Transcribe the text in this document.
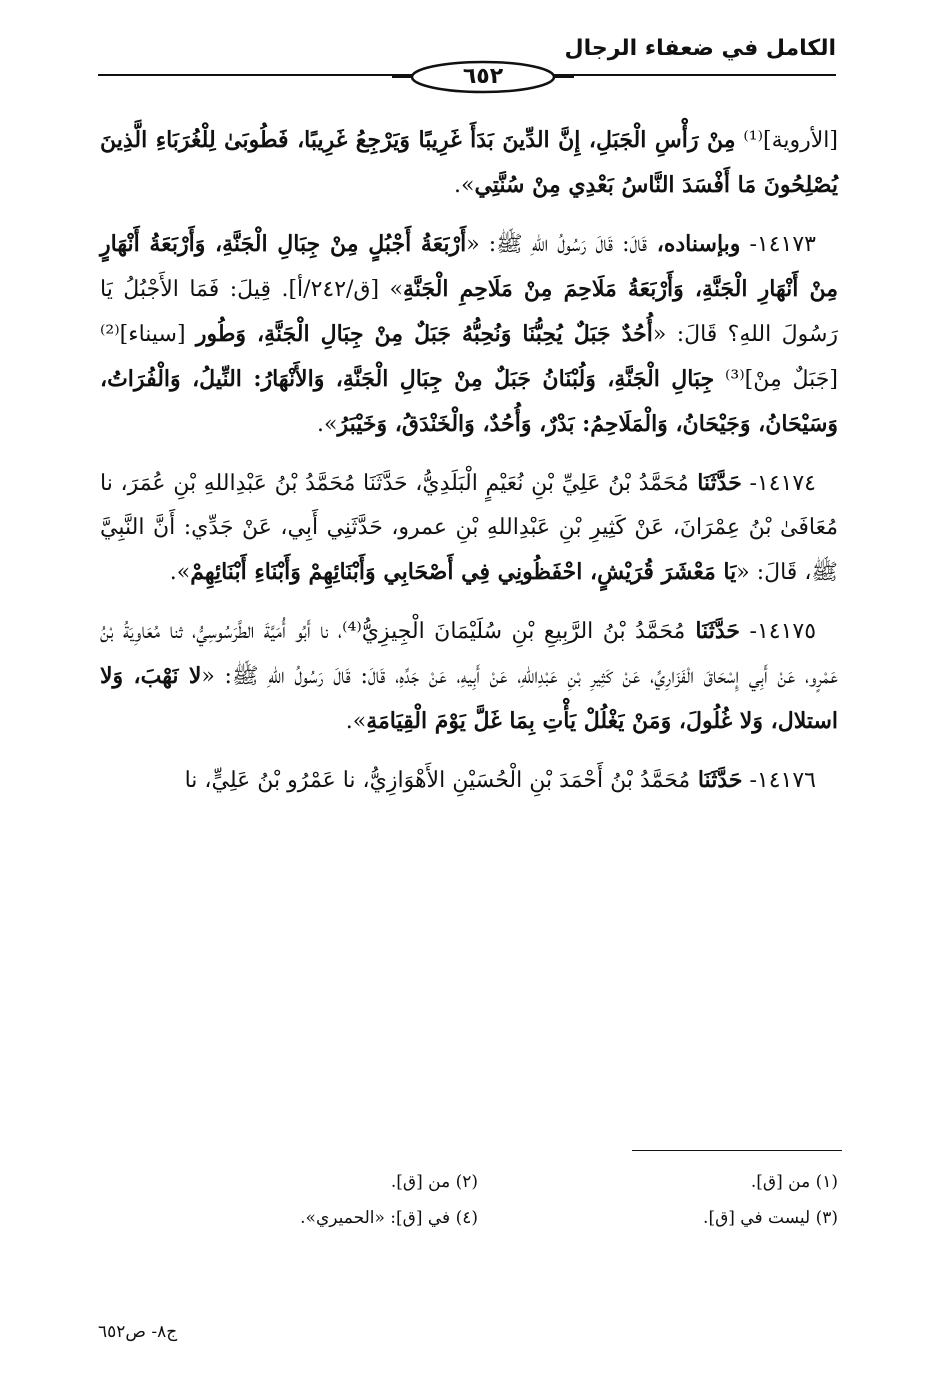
الكامل في ضعفاء الرجال
٦٥٢

[الأروية]⁽¹⁾ مِنْ رَأْسِ الْجَبَلِ، إِنَّ الدِّينَ بَدَأَ غَرِيبًا وَيَرْجِعُ غَرِيبًا، فَطُوبَىٰ لِلْغُرَبَاءِ الَّذِينَ يُصْلِحُونَ مَا أَفْسَدَ النَّاسُ بَعْدِي مِنْ سُنَّتِي».

١٤١٧٣- وبإسناده، قَالَ: قَالَ رَسُولُ اللهِ ﷺ: «أَرْبَعَةُ أَجْبُلٍ مِنْ جِبَالِ الْجَنَّةِ، وَأَرْبَعَةُ أَنْهَارٍ مِنْ أَنْهَارِ الْجَنَّةِ، وَأَرْبَعَةُ مَلَاحِمَ مِنْ مَلَاحِمِ الْجَنَّةِ» [ق/٢٤٢/أ]. قِيلَ: فَمَا الأَجْبُلُ يَا رَسُولَ اللهِ؟ قَالَ: «أُحُدٌ جَبَلٌ يُحِبُّنَا وَنُحِبُّهُ جَبَلٌ مِنْ جِبَالِ الْجَنَّةِ، وَطُور [سيناء]⁽²⁾ [جَبَلٌ مِنْ]⁽³⁾ جِبَالِ الْجَنَّةِ، وَلُبْنَانُ جَبَلٌ مِنْ جِبَالِ الْجَنَّةِ، وَالأَنْهَارُ: النِّيلُ، وَالْفُرَاتُ، وَسَيْحَانُ، وَجَيْحَانُ، وَالْمَلَاحِمُ: بَدْرٌ، وَأُحُدٌ، وَالْخَنْدَقُ، وَخَيْبَرُ».

١٤١٧٤- حَدَّثَنَا مُحَمَّدُ بْنُ عَلِيِّ بْنِ نُعَيْمٍ الْبَلَدِيُّ، حَدَّثَنَا مُحَمَّدُ بْنُ عَبْدِاللهِ بْنِ عُمَرَ، نا مُعَافَىٰ بْنُ عِمْرَانَ، عَنْ كَثِيرِ بْنِ عَبْدِاللهِ بْنِ عمرو، حَدَّثَنِي أَبِي، عَنْ جَدِّي: أَنَّ النَّبِيَّ ﷺ، قَالَ: «يَا مَعْشَرَ قُرَيْشٍ، احْفَظُونِي فِي أَصْحَابِي وَأَبْنَائِهِمْ وَأَبْنَاءِ أَبْنَائِهِمْ».

١٤١٧٥- حَدَّثَنَا مُحَمَّدُ بْنُ الرَّبِيعِ بْنِ سُلَيْمَانَ الْجِيزِيُّ⁽⁴⁾، نا أَبُو أُمَيَّةَ الطَّرَسُوسِيُّ، ثنا مُعَاوِيَةُ بْنُ عَمْرٍو، عَنْ أَبِي إِسْحَاقَ الْفَزَارِيِّ، عَنْ كَثِيرِ بْنِ عَبْدِاللهِ، عَنْ أَبِيهِ، عَنْ جَدِّهِ، قَالَ: قَالَ رَسُولُ اللهِ ﷺ: «لا نَهْبَ، وَلا استلال، وَلا غُلُولَ، وَمَنْ يَغْلُلْ يَأْتِ بِمَا غَلَّ يَوْمَ الْقِيَامَةِ».

١٤١٧٦- حَدَّثَنَا مُحَمَّدُ بْنُ أَحْمَدَ بْنِ الْحُسَيْنِ الأَهْوَازِيُّ، نا عَمْرُو بْنُ عَلِيٍّ، نا

(١) من [ق].
(٢) من [ق].
(٣) ليست في [ق].
(٤) في [ق]: «الحميري».
ج٨- ص٦٥٢
